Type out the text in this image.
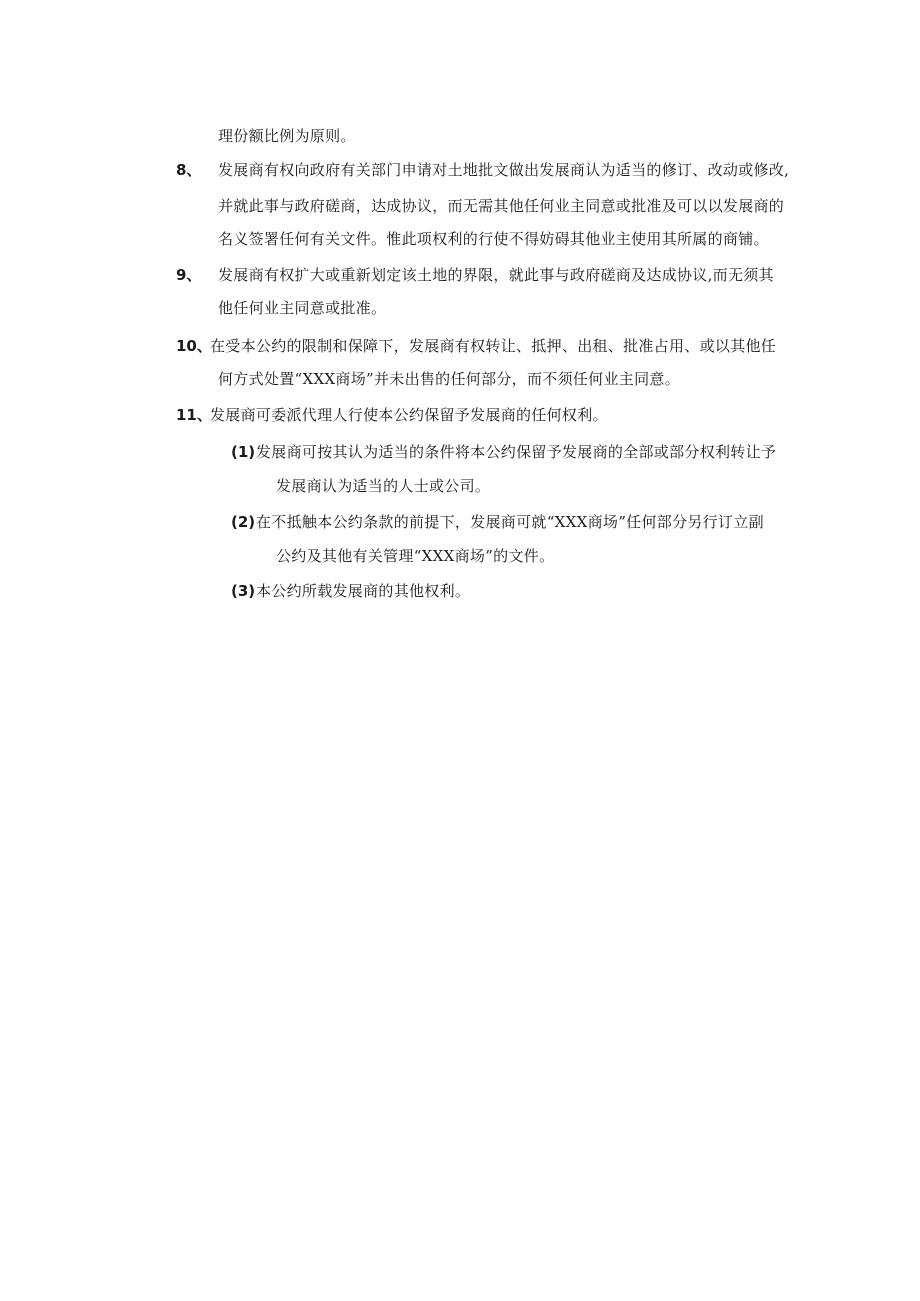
理份额比例为原则。
8、 发展商有权向政府有关部门申请对土地批文做出发展商认为适当的修订、改动或修改,
并就此事与政府磋商，达成协议，而无需其他任何业主同意或批准及可以以发展商的
名义签署任何有关文件。惟此项权利的行使不得妨碍其他业主使用其所属的商铺。
9、 发展商有权扩大或重新划定该土地的界限，就此事与政府磋商及达成协议,而无须其
他任何业主同意或批准。
10、
在受本公约的限制和保障下，发展商有权转让、抵押、出租、批准占用、或以其他任
何方式处置“XXX商场”并未出售的任何部分，而不须任何业主同意。
11、
发展商可委派代理人行使本公约保留予发展商的任何权利。
(1) 发展商可按其认为适当的条件将本公约保留予发展商的全部或部分权利转让予
发展商认为适当的人士或公司。
(2) 在不抵触本公约条款的前提下，发展商可就“XXX商场”任何部分另行订立副
公约及其他有关管理“XXX商场”的文件。
(3) 本公约所载发展商的其他权利。
